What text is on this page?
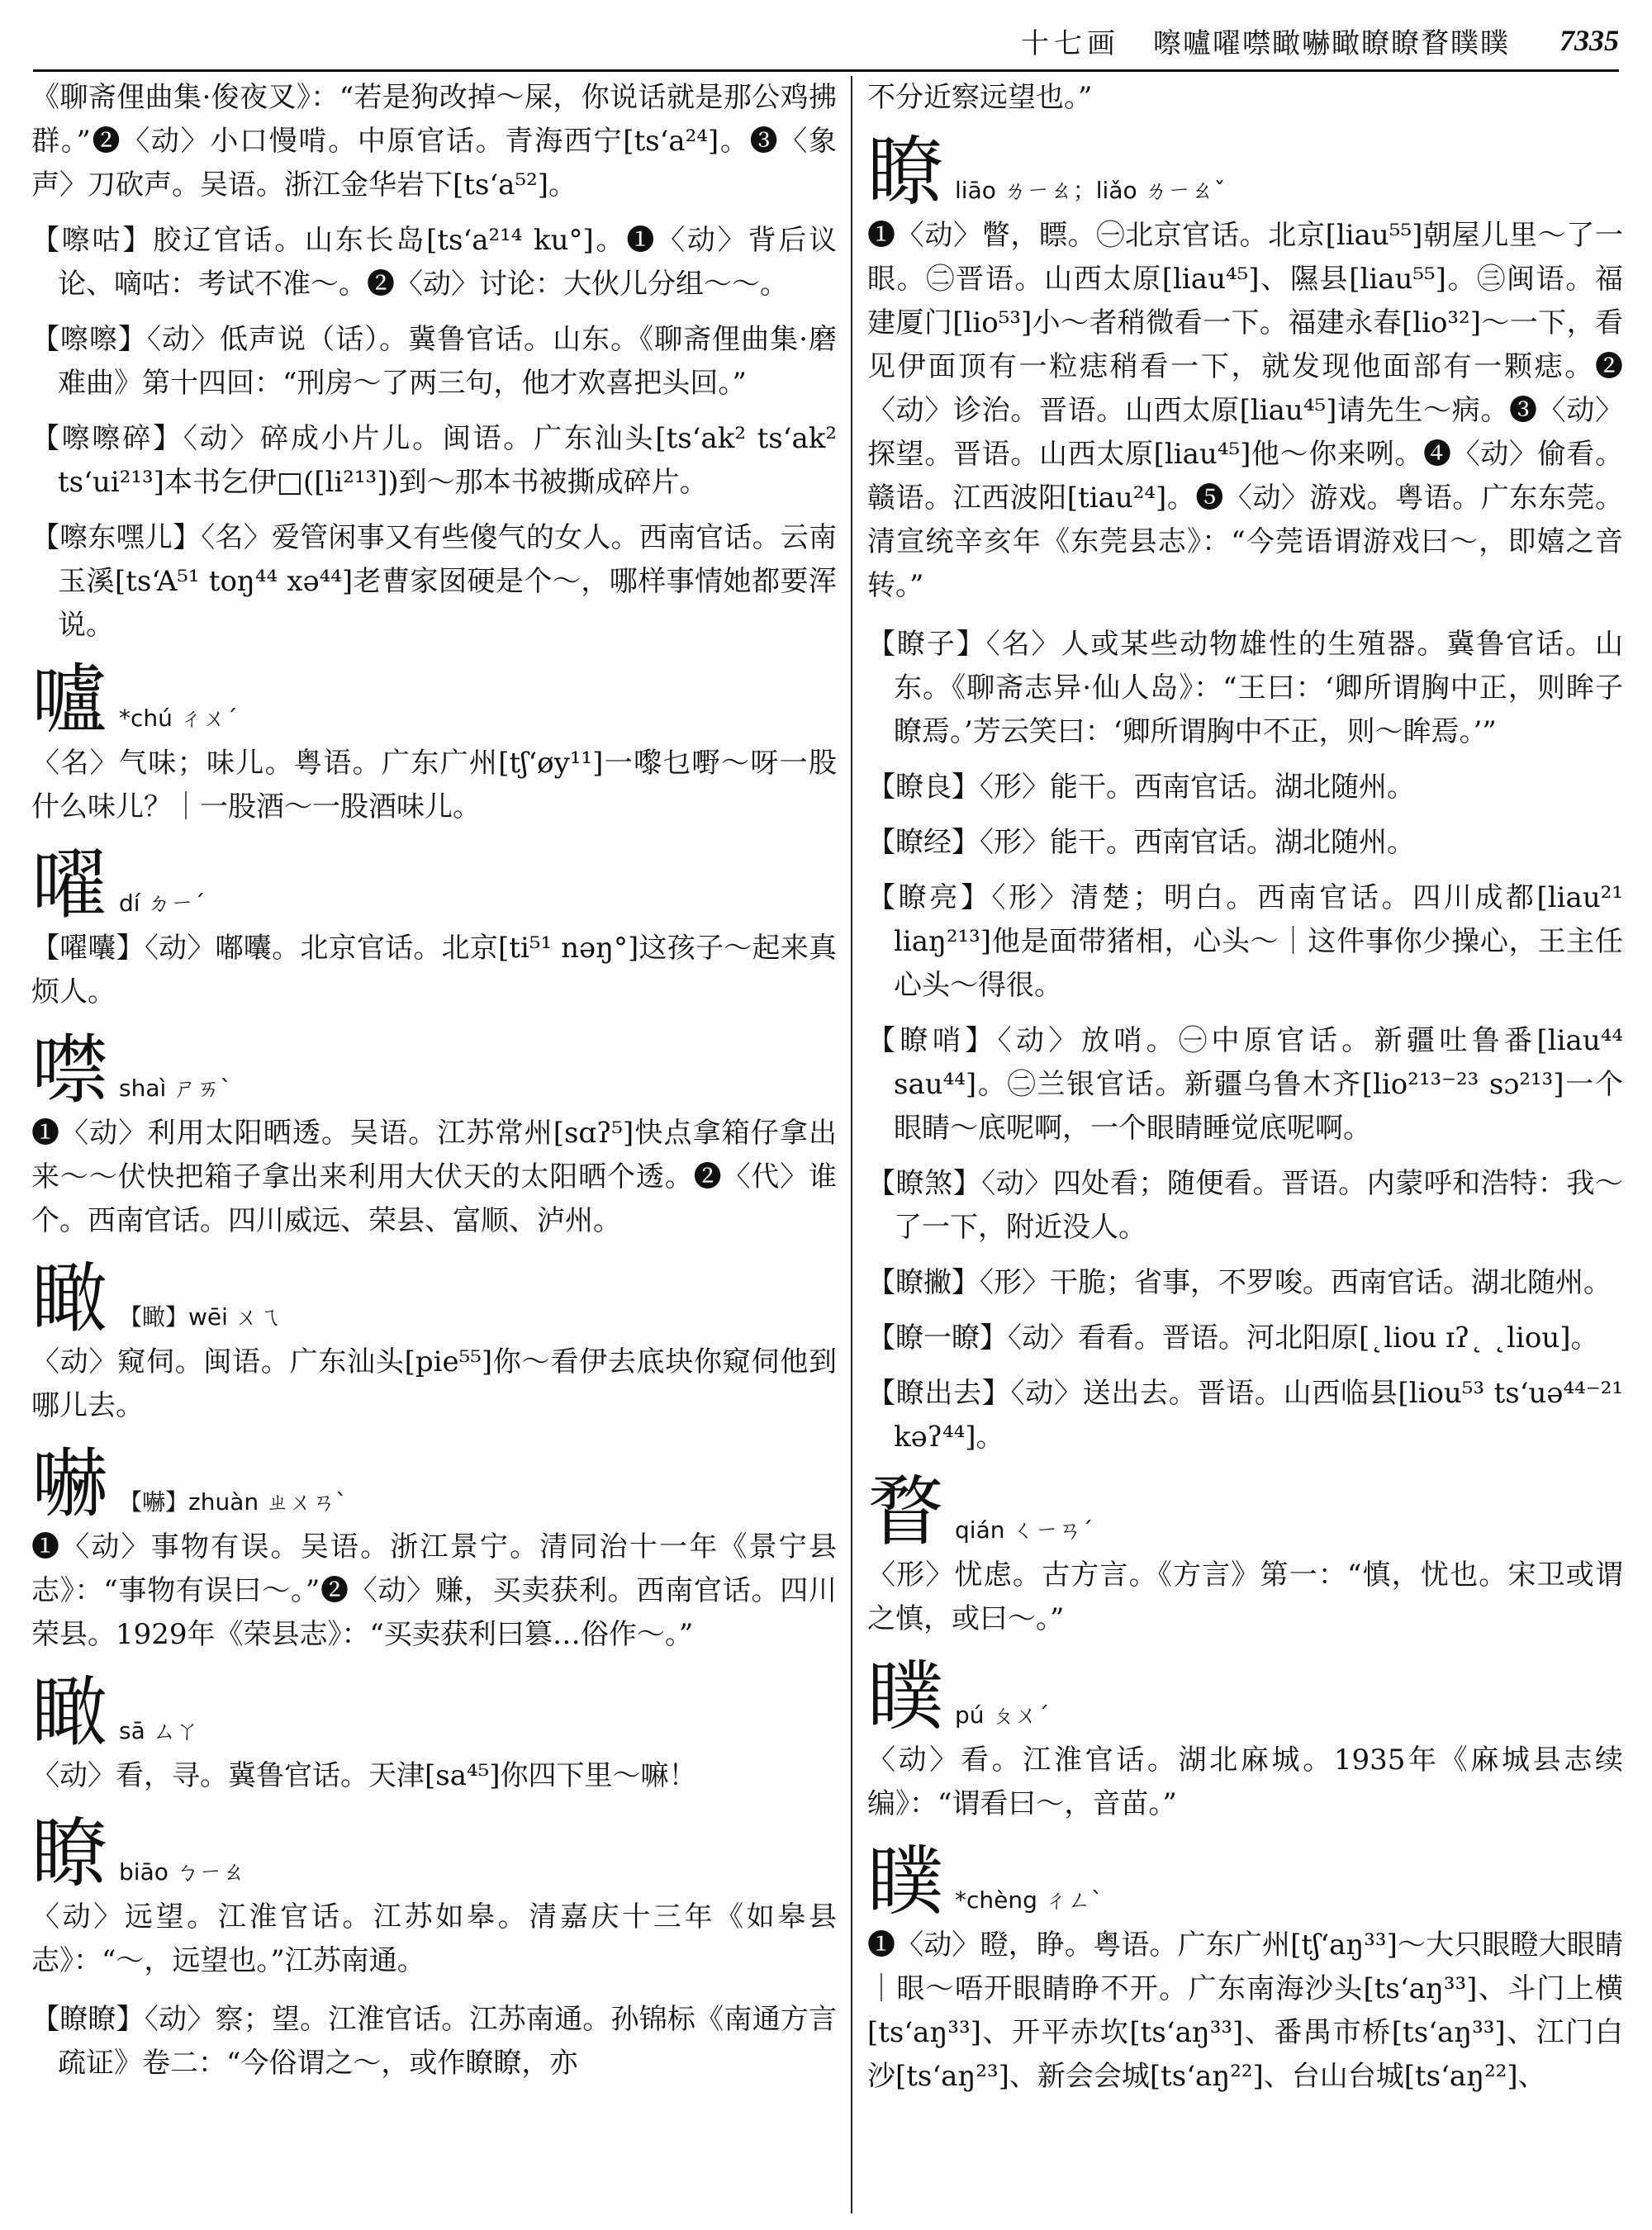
十七画 嚓嚧嚁噤瞰嚇瞰瞭瞭瞀瞨瞨 7335

《聊斋俚曲集·俊夜叉》：“若是狗改掉～屎，你说话就是那公鸡拂群。”❷〈动〉小口慢啃。中原官话。青海西宁[tsʻa²⁴]。❸〈象声〉刀砍声。吴语。浙江金华岩下[tsʻa⁵²]。

【嚓咕】胶辽官话。山东长岛[tsʻa²¹⁴ ku°]。❶〈动〉背后议论、嘀咕：考试不准～。❷〈动〉讨论：大伙儿分组～～。

【嚓嚓】〈动〉低声说（话）。冀鲁官话。山东。《聊斋俚曲集·磨难曲》第十四回：“刑房～了两三句，他才欢喜把头回。”

【嚓嚓碎】〈动〉碎成小片儿。闽语。广东汕头[tsʻak² tsʻak² tsʻui²¹³]本书乞伊□([li²¹³])到～那本书被撕成碎片。

【嚓东嘿儿】〈名〉爱管闲事又有些傻气的女人。西南官话。云南玉溪[tsʻA⁵¹ toŋ⁴⁴ xə⁴⁴]老曹家囡硬是个～，哪样事情她都要浑说。

嚧 *chú ㄔㄨˊ

〈名〉气味；味儿。粤语。广东广州[tʃʻøy¹¹]一嚟乜嘢～呀一股什么味儿？｜一股酒～一股酒味儿。

嚁 dí ㄉㄧˊ

【嚁囔】〈动〉嘟囔。北京官话。北京[ti⁵¹ nəŋ°]这孩子～起来真烦人。

噤 shaì ㄕㄞˋ

❶〈动〉利用太阳晒透。吴语。江苏常州[sɑʔ⁵]快点拿箱仔拿出来～～伏快把箱子拿出来利用大伏天的太阳晒个透。❷〈代〉谁个。西南官话。四川威远、荣县、富顺、泸州。

瞰 【瞰】wēi ㄨㄟ

〈动〉窥伺。闽语。广东汕头[pie⁵⁵]你～看伊去底块你窥伺他到哪儿去。

嚇 【嚇】zhuàn ㄓㄨㄢˋ

❶〈动〉事物有误。吴语。浙江景宁。清同治十一年《景宁县志》：“事物有误曰～。”❷〈动〉赚，买卖获利。西南官话。四川荣县。1929年《荣县志》：“买卖获利曰篡…俗作～。”

瞰 sā ㄙㄚ

〈动〉看，寻。冀鲁官话。天津[sa⁴⁵]你四下里～嘛！

瞭 biāo ㄅㄧㄠ

〈动〉远望。江淮官话。江苏如皋。清嘉庆十三年《如皋县志》：“～，远望也。”江苏南通。

【瞭瞭】〈动〉察；望。江淮官话。江苏南通。孙锦标《南通方言疏证》卷二：“今俗谓之～，或作瞭瞭，亦

不分近察远望也。”

瞭 liāo ㄌㄧㄠ；liǎo ㄌㄧㄠˇ

❶〈动〉瞥，瞟。㊀北京官话。北京[liau⁵⁵]朝屋儿里～了一眼。㊁晋语。山西太原[liau⁴⁵]、隰县[liau⁵⁵]。㊂闽语。福建厦门[lio⁵³]小～者稍微看一下。福建永春[lio³²]～一下，看见伊面顶有一粒痣稍看一下，就发现他面部有一颗痣。❷〈动〉诊治。晋语。山西太原[liau⁴⁵]请先生～病。❸〈动〉探望。晋语。山西太原[liau⁴⁵]他～你来咧。❹〈动〉偷看。赣语。江西波阳[tiau²⁴]。❺〈动〉游戏。粤语。广东东莞。清宣统辛亥年《东莞县志》：“今莞语谓游戏曰～，即嬉之音转。”

【瞭子】〈名〉人或某些动物雄性的生殖器。冀鲁官话。山东。《聊斋志异·仙人岛》：“王曰：‘卿所谓胸中正，则眸子瞭焉。’芳云笑曰：‘卿所谓胸中不正，则～眸焉。’”

【瞭良】〈形〉能干。西南官话。湖北随州。

【瞭经】〈形〉能干。西南官话。湖北随州。

【瞭亮】〈形〉清楚；明白。西南官话。四川成都[liau²¹ liaŋ²¹³]他是面带猪相，心头～｜这件事你少操心，王主任心头～得很。

【瞭哨】〈动〉放哨。㊀中原官话。新疆吐鲁番[liau⁴⁴ sau⁴⁴]。㊁兰银官话。新疆乌鲁木齐[lio²¹³⁻²³ sɔ²¹³]一个眼睛～底呢啊，一个眼睛睡觉底呢啊。

【瞭煞】〈动〉四处看；随便看。晋语。内蒙呼和浩特：我～了一下，附近没人。

【瞭撇】〈形〉干脆；省事，不罗唆。西南官话。湖北随州。

【瞭一瞭】〈动〉看看。晋语。河北阳原[˛liou ɪʔ˛ ˛liou]。

【瞭出去】〈动〉送出去。晋语。山西临县[liou⁵³ tsʻuə⁴⁴⁻²¹ kəʔ⁴⁴]。

瞀 qián ㄑㄧㄢˊ

〈形〉忧虑。古方言。《方言》第一：“慎，忧也。宋卫或谓之慎，或曰～。”

瞨 pú ㄆㄨˊ

〈动〉看。江淮官话。湖北麻城。1935年《麻城县志续编》：“谓看曰～，音苗。”

瞨 *chèng ㄔㄥˋ

❶〈动〉瞪，睁。粤语。广东广州[tʃʻaŋ³³]～大只眼瞪大眼睛｜眼～唔开眼睛睁不开。广东南海沙头[tsʻaŋ³³]、斗门上横[tsʻaŋ³³]、开平赤坎[tsʻaŋ³³]、番禺市桥[tsʻaŋ³³]、江门白沙[tsʻaŋ²³]、新会会城[tsʻaŋ²²]、台山台城[tsʻaŋ²²]、
